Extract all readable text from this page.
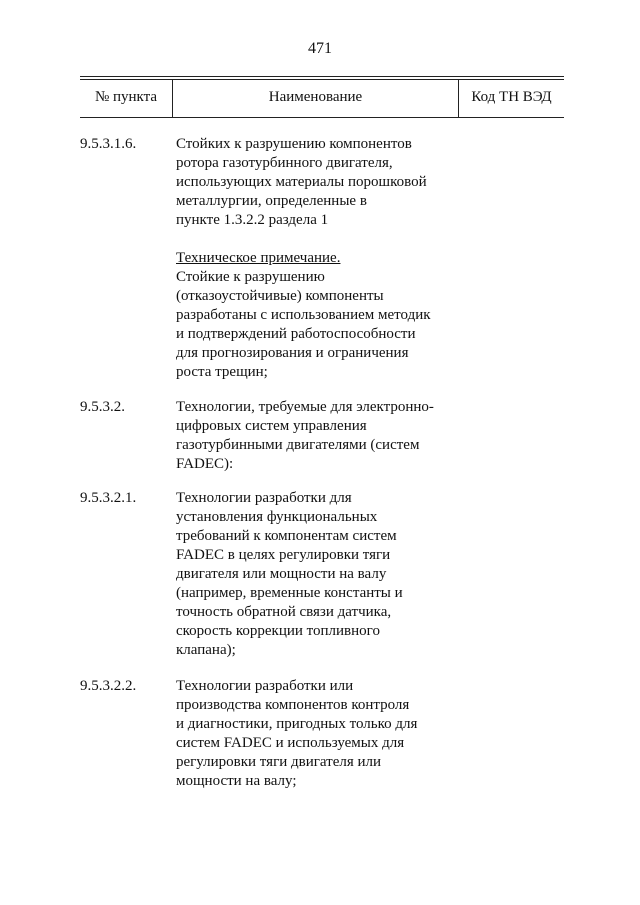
471
№ пункта	Наименование	Код ТН ВЭД
9.5.3.1.6.	Стойких к разрушению компонентов
ротора газотурбинного двигателя,
использующих материалы порошковой
металлургии, определенные в
пункте 1.3.2.2 раздела 1
Техническое примечание.
Стойкие к разрушению
(отказоустойчивые) компоненты
разработаны с использованием методик
и подтверждений работоспособности
для прогнозирования и ограничения
роста трещин;
9.5.3.2.	Технологии, требуемые для электронно-
цифровых систем управления
газотурбинными двигателями (систем
FADEC):
9.5.3.2.1.	Технологии разработки для
установления функциональных
требований к компонентам систем
FADEC в целях регулировки тяги
двигателя или мощности на валу
(например, временные константы и
точность обратной связи датчика,
скорость коррекции топливного
клапана);
9.5.3.2.2.	Технологии разработки или
производства компонентов контроля
и диагностики, пригодных только для
систем FADEC и используемых для
регулировки тяги двигателя или
мощности на валу;
